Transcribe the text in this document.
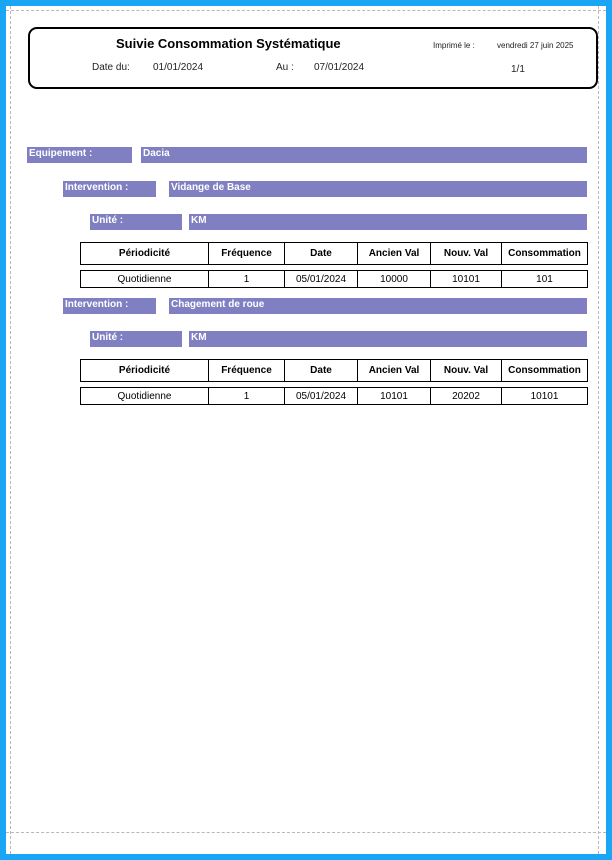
Suivie Consommation Systématique	Imprimé le :	vendredi 27 juin 2025
Date du: 01/01/2024	Au : 07/01/2024	1/1
Equipement :	Dacia
Intervention :	Vidange de Base
Unité :	KM
Périodicité	Fréquence	Date	Ancien Val	Nouv. Val	Consommation

Quotidienne	1	05/01/2024	10000	10101	101
Intervention :	Chagement de roue
Unité :	KM
Périodicité	Fréquence	Date	Ancien Val	Nouv. Val	Consommation

Quotidienne	1	05/01/2024	10101	20202	10101
